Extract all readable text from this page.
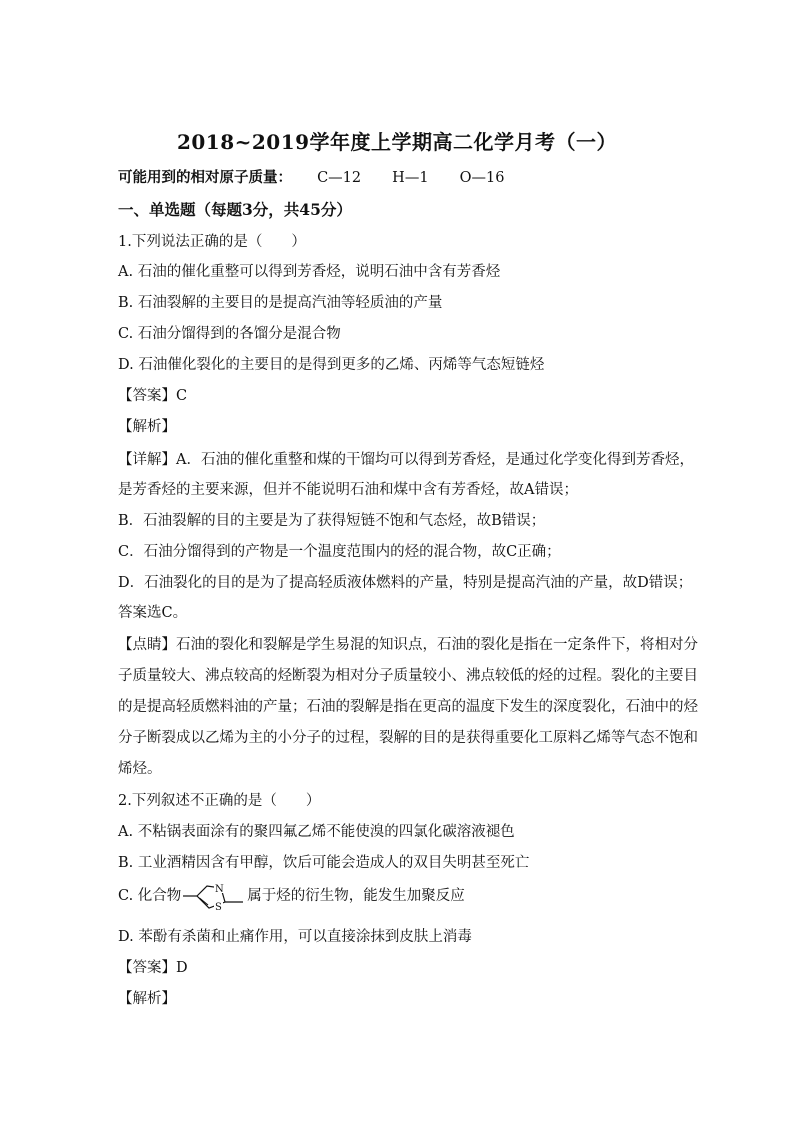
2018~2019学年度上学期高二化学月考（一）
可能用到的相对原子质量： C—12 H—1 O—16
一、单选题（每题3分，共45分）
1.下列说法正确的是（　　）
A. 石油的催化重整可以得到芳香烃，说明石油中含有芳香烃
B. 石油裂解的主要目的是提高汽油等轻质油的产量
C. 石油分馏得到的各馏分是混合物
D. 石油催化裂化的主要目的是得到更多的乙烯、丙烯等气态短链烃
【答案】C
【解析】
【详解】A．石油的催化重整和煤的干馏均可以得到芳香烃，是通过化学变化得到芳香烃，
是芳香烃的主要来源，但并不能说明石油和煤中含有芳香烃，故A错误；
B．石油裂解的目的主要是为了获得短链不饱和气态烃，故B错误；
C．石油分馏得到的产物是一个温度范围内的烃的混合物，故C正确；
D．石油裂化的目的是为了提高轻质液体燃料的产量，特别是提高汽油的产量，故D错误；
答案选C。
【点睛】石油的裂化和裂解是学生易混的知识点，石油的裂化是指在一定条件下，将相对分
子质量较大、沸点较高的烃断裂为相对分子质量较小、沸点较低的烃的过程。裂化的主要目
的是提高轻质燃料油的产量；石油的裂解是指在更高的温度下发生的深度裂化，石油中的烃
分子断裂成以乙烯为主的小分子的过程，裂解的目的是获得重要化工原料乙烯等气态不饱和
烯烃。
2.下列叙述不正确的是（　　）
A. 不粘锅表面涂有的聚四氟乙烯不能使溴的四氯化碳溶液褪色
B. 工业酒精因含有甲醇，饮后可能会造成人的双目失明甚至死亡
C. 化合物	N
S
属于烃的衍生物，能发生加聚反应
D. 苯酚有杀菌和止痛作用，可以直接涂抹到皮肤上消毒
【答案】D
【解析】
